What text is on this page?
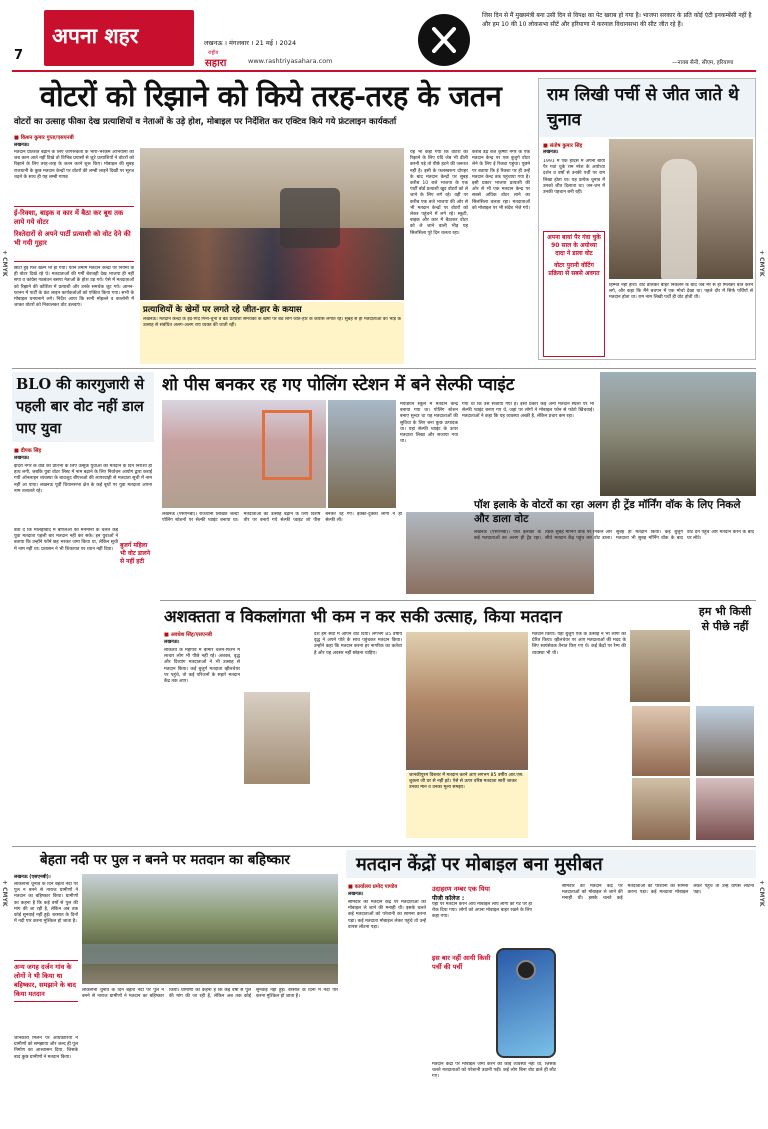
+ CMYK
+ CMYK
+ CMYK
+ CMYK
7
अपना शहर	लखनऊ । मंगलवार । 21 मई । 2024
राष्ट्रीय
सहारा	www.rashtriyasahara.com
जिस दिन से मैं मुख्यमंत्री बना उसी दिन से विपक्ष का पेट खराब हो गया है। भाजपा सरकार के प्रति कोई एंटी इनकम्बेंसी नहीं है और हम 10 की 10 लोकसभा सीटें और हरियाणा में करनाल विधानसभा की सीट जीत रहे हैं।
—नायब सैनी, सीएम, हरियाणा
वोटरों को रिझाने को किये तरह-तरह के जतन
वोटरों का उत्साह फीका देख प्रत्याशियों व नेताओं के उड़े होश, मोबाइल पर निर्देशित कर एक्टिव किये गये फ्रंटलाइन कार्यकर्ता
■ किशन कुमार गुप्ता/एसएनबी
लखनऊ।
मतदान प्रतिशत बढ़ाने के लिए जागरूकता के भारी-भरकम अभियानों को जब काम आते नहीं दिखे तो विभिन्न प्रयासों से जुटे प्रत्याशियों ने वोटरों को रिझाने के लिए तरह-तरह के जतन करने शुरू किए। मोबाइल की सुबह राजधानी के कुछ मतदान केन्द्रों पर वोटरों की लम्बी लाइनें दिखीं पर सूरज चढ़ने के साथ ही यह लम्बी गायब
ई-रिक्शा, बाइक व कार में बैठा कर बूथ तक लाये गये वोटर
रिश्तेदारों से अपने पार्टी प्रत्याशी को वोट देने की भी गयी गुहार
छोटी हुई फिर खत्म भी हो गयी। यानि तमाम मतदान केन्द्रों पर नियमों के ही वोटर दिखे रहे थे। मतदाताओं की गर्मी बेवजही देख भाजपा ही नहीं सपा व कांग्रेस गठबंधन बसपा नेताओं के होश उड़ गये। ऐसे में मतदाताओं को रिझाने की कोशिश में प्रत्याशी और उनके समर्थक जुट गये। आनन-फानन में पार्टी के फ्रंट लाइन कार्यकर्ताओं को एक्टिव किया गया। सभी के मोबाइल घनघनाने लगे। निर्देश आया कि सभी मोहल्ले व कालोनी में जाकर वोटरों को निकालकर वोट डलवाएं।	प्रत्याशियों के खेमों पर लगते रहे जीत-हार के कयास
लखनऊ। मतदान केन्द्रों के इर्द-गिर्द गिना-चुनी व बैठे प्रत्याशी समर्थकों के खेमों पर बैठे लोग जीत-हार के कयास लगाते रहे। सुबह से ही मतदाताओं की भीड़ के उत्साह से संबंधित अलग-अलग राय व्यक्त की जाती रही।
यह भी कहा गया कि वोटरों को रिझाने के लिए यदि जेब भी ढीली करनी पड़े तो पीछे हटने की जरूरत नहीं है। इसी के फलस्वरूप दोपहर के बाद मतदान केन्द्रों पर सुबह करीब 10 बजे भाजपा के एक पार्टी बोर्ड प्रत्याशी खुद वोटरों को ले जाने के लिए लगे रहे। वहीं पर करीब एक बजे भाजपा की ओर से भी मतदान केन्द्रों पर वोटरों को लेकर पहुंचने में लगे रहे। स्कूटी, बाइक और कार में बैठाकर वोटर को ले जाने वाली भीड़ यह सिलसिला पूरे दिन चलता रहा।
करीब डेढ़ बजे कृष्णा नगर के एक मतदान केन्द्र पर एक बुजुर्ग वोटर लेने के लिए ई रिक्शा पहुंचा। पूछने पर बताया कि ई रिक्शा पर ही उन्हें मतदान केन्द्र तक पहुंचाया गया है। इसी प्रकार भाजपा प्रत्याशी की ओर से भी एक मतदान केन्द्र पर सबसे अधिक वोटर लाने का सिलसिला चलता रहा। मतदाताओं को मोबाइल पर भी संदेश भेजे गये।
राम लिखी पर्ची से जीत जाते थे चुनाव
■ संतोष कुमार सिंह
लखनऊ।
1991 में एक हादसे में अपना बायां पैर गवां चुके राम नरेश के अयोध्या दर्शन व वर्षों से उनकी पर्ची पर राम लिखा होता था। यह प्रत्येक चुनाव में उनको जीत दिलाता था। जन-जन में उनकी पहचान बनी रहीं।
अपना बायां पैर गंवा चुके 90 साल के अयोध्या दादा ने डाला वोट
वोटर पुरानी वोटिंग प्रक्रिया से सबसे अवगत
हिम्मत नहीं हारी। वोट डालकर बाहर निकलने के बाद जब मेरे से ही मिलकर बात करने लगे, और कहा कि मैंने बचपन में एक मोर्चा देखा था। पहले दौर में सिर्फ पर्चियों से मतदान होता था। राम नाम लिखी पर्ची ही वोट होती थी।
BLO की कारगुजारी से पहली बार वोट नहीं डाल पाए युवा
■ दीपक सिंह
लखनऊ।
इंदिरा नगर के वार्ड की प्रतिभा के लिए उत्सुक युवाओं को मतदान के दिन निराशा ही हाथ लगी, जबकि युवा वोटर लिस्ट में नाम बढ़ाने के लिए निर्वाचन आयोग द्वारा कराई गयी ऑनलाइन व्यवस्था के बावजूद बीएलओ की लापरवाही से मतदाता सूची में नाम नहीं आ पाया। लखनऊ पूर्वी विधानसभा क्षेत्र के कई बूथों पर युवा मतदाता अपना नाम तलाशते रहे।
बता दें कि मलिहाबाद में बीएलओ की मनमानी के चलते कई युवा मतदाता पहली बार मतदान नहीं कर सके। इन युवाओं ने बताया कि उन्होंने फॉर्म छह भरकर जमा किया था, लेकिन सूची में नाम नहीं था। प्रशासन ने भी शिकायत पर ध्यान नहीं दिया।
बुजर्ग महिला भी वोट डालने से नहीं हटी
शो पीस बनकर रह गए पोलिंग स्टेशन में बने सेल्फी प्वाइंट
मेयेडियन स्कूल में मतदान केन्द्र बनाया गया था। पोलिंग स्टेशन बनाए सुन्दर था यह मतदाताओं की सुविधा के लिए बना कुछ उत्पादक था। यहां सेल्फी प्वाइंट के ऊपर मतदाता लिखा और सजाया गया था।
गया था कि उसे सजाया गया है। इसी प्रकार कई अन्य मतदान स्थलों पर भी सेल्फी प्वाइंट बनाए गए थे, जहां पर लोगों ने मोबाइल फोन से फोटो खिंचवाई। मतदाताओं ने कहा कि यह व्यवस्था अच्छी है, लेकिन प्रचार कम रहा।
लखनऊ (एसएनबी)। राजधानी लिखित जल्दी पोलिंग स्टेशनों पर सेल्फी प्वाइंट बनाया था। मतदाताओं का उत्साह बढ़ाने के लिए विशेष तौर पर बनाये गये सेल्फी प्वाइंट शो पीस बनकर रह गए। इक्का-दुक्का लोगों ने ही सेल्फी ली।
पॉश इलाके के वोटरों का रहा अलग ही ट्रेंड मॉर्निंग वॉक के लिए निकले और डाला वोट
लखनऊ (एसएनबी)। पॉश इलाकों के कई मतदाताओं का अलग ही ट्रेंड रहा। तड़के सुबह मॉर्निंग वॉक पर निकले और सीधे मतदान केंद्र पहुंच कर वोट डाला। सुबह ही मतदान किया। कई बुजुर्ग मतदाता भी सुबह मॉर्निंग वॉक के बाद वोट देने पहुंचे और मतदान करने के बाद घर लौटे।
अशक्तता व विकलांगता भी कम न कर सकी उत्साह, किया मतदान
■ अवधेश सिंह/एसएनबी
लखनऊ।
लोकतंत्र के महापर्व में बीमार चलने-फिरने में लाचार लोग भी पीछे नहीं रहे। अशक्त, वृद्ध और दिव्यांग मतदाताओं ने भी उत्साह से मतदान किया। कई बुजुर्ग मतदाता व्हीलचेयर पर पहुंचे, तो कई परिजनों के सहारे मतदान केंद्र तक आए।
देश हम सेवा में आपने वोट दिया। लगभग 85 वर्षीय वृद्ध ने अपने पोते के साथ पहुंचकर मतदान किया। उन्होंने कहा कि मतदान करना हर नागरिक का कर्तव्य है और यह अवसर नहीं छोड़ना चाहिए।
जानकीपुरम विस्तार में मतदान करने आए लगभग 85 वर्षीय आर.एस. शुक्ला जी घर से नहीं हटे। ऐसे से ऊपर वरिष्ठ मतदाता सारी जाकर उनका मान व उनका मूल्य समझा।
मतदान किया। यहां बुजुर्ग एक के उत्साह ने भी लोगों को प्रेरित किया। व्हीलचेयर पर आए मतदाताओं की मदद के लिए स्वयंसेवक तैनात किए गए थे। कई केंद्रों पर रैम्प की व्यवस्था भी थी।
हम भी किसी से पीछे नहीं
बेहता नदी पर पुल न बनने पर मतदान का बहिष्कार
लखनऊ (एसएनबी)।
लोकसभा चुनाव के दिन बेहता नदी पर पुल न बनने से नाराज ग्रामीणों ने मतदान का बहिष्कार किया। ग्रामीणों का कहना है कि कई वर्षों से पुल की मांग की जा रही है, लेकिन अब तक कोई सुनवाई नहीं हुई। बरसात के दिनों में नदी पार करना मुश्किल हो जाता है।
अन्य जगह दर्जन गांव के लोगों ने भी किया था बहिष्कार, समझाने के बाद किया मतदान
जानकारी मिलने पर अधिकारियों ने ग्रामीणों को समझाया और जल्द ही पुल निर्माण का आश्वासन दिया, जिसके बाद कुछ ग्रामीणों ने मतदान किया।
लोकसभा चुनाव के दिन बेहता नदी पर पुल न बनने से नाराज ग्रामीणों ने मतदान का बहिष्कार किया। ग्रामीणों का कहना है कि कई वर्षों से पुल की मांग की जा रही है, लेकिन अब तक कोई सुनवाई नहीं हुई। बरसात के दिनों में नदी पार करना मुश्किल हो जाता है।
मतदान केंद्रों पर मोबाइल बना मुसीबत
■ कार्यालय प्रमोद पाण्डेय
लखनऊ।
सोमवार को मतदान केंद्र पर मतदाताओं को मोबाइल ले जाने की मनाही थी। इसके चलते कई मतदाताओं को परेशानी का सामना करना पड़ा। कई मतदाता मोबाइल लेकर पहुंचे तो उन्हें वापस लौटना पड़ा।
उदाहरण नम्बर एक यिया
पीजी कॉलेज :
यहां पर मतदान करने आये मोबाइल लाये लोगों को गेट पर ही रोक दिया गया। लोगों को अपना मोबाइल बाहर रखने के लिए कहा गया।
इस बार नहीं आयी किसी पर्ची की पर्ची
मतदान केंद्रों पर मोबाइल जमा करने की कोई व्यवस्था नहीं थी, जिसके चलते मतदाताओं को परेशानी उठानी पड़ी। कई लोग बिना वोट डाले ही लौट गए।
सोमवार को मतदान केंद्र पर मतदाताओं को मोबाइल ले जाने की मनाही थी। इसके चलते कई मतदाताओं को परेशानी का सामना करना पड़ा। कई मतदाता मोबाइल लेकर पहुंचे तो उन्हें वापस लौटना पड़ा।
